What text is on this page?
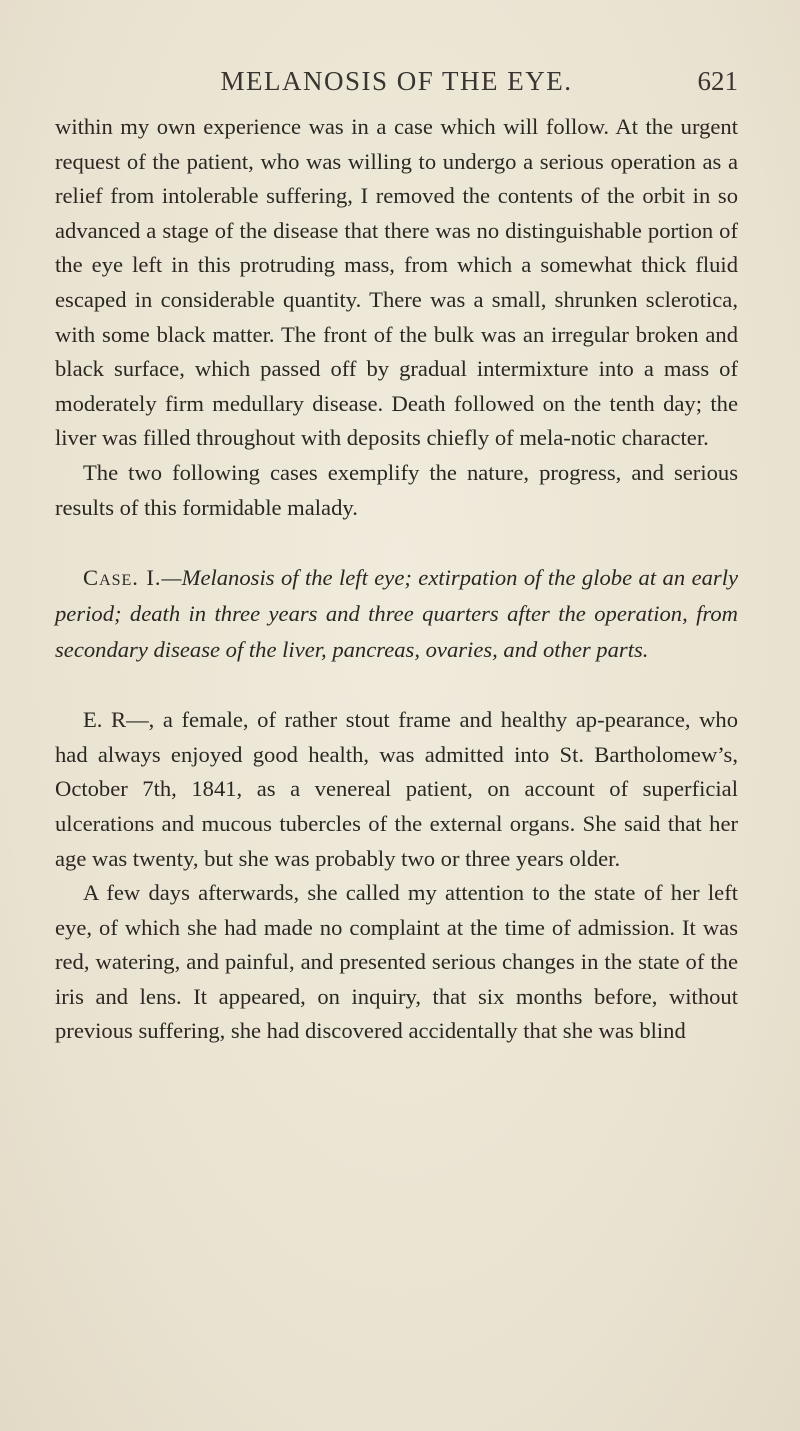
MELANOSIS OF THE EYE.	621

within my own experience was in a case which will follow. At the urgent request of the patient, who was willing to undergo a serious operation as a relief from intolerable suffering, I removed the contents of the orbit in so advanced a stage of the disease that there was no distinguishable portion of the eye left in this protruding mass, from which a somewhat thick fluid escaped in considerable quantity. There was a small, shrunken sclerotica, with some black matter. The front of the bulk was an irregular broken and black surface, which passed off by gradual intermixture into a mass of moderately firm medullary disease. Death followed on the tenth day; the liver was filled throughout with deposits chiefly of mela-notic character.

The two following cases exemplify the nature, progress, and serious results of this formidable malady.

Case. I.—Melanosis of the left eye; extirpation of the globe at an early period; death in three years and three quarters after the operation, from secondary disease of the liver, pancreas, ovaries, and other parts.

E. R—, a female, of rather stout frame and healthy ap-pearance, who had always enjoyed good health, was admitted into St. Bartholomew’s, October 7th, 1841, as a venereal patient, on account of superficial ulcerations and mucous tubercles of the external organs. She said that her age was twenty, but she was probably two or three years older.

A few days afterwards, she called my attention to the state of her left eye, of which she had made no complaint at the time of admission. It was red, watering, and painful, and presented serious changes in the state of the iris and lens. It appeared, on inquiry, that six months before, without previous suffering, she had discovered accidentally that she was blind
